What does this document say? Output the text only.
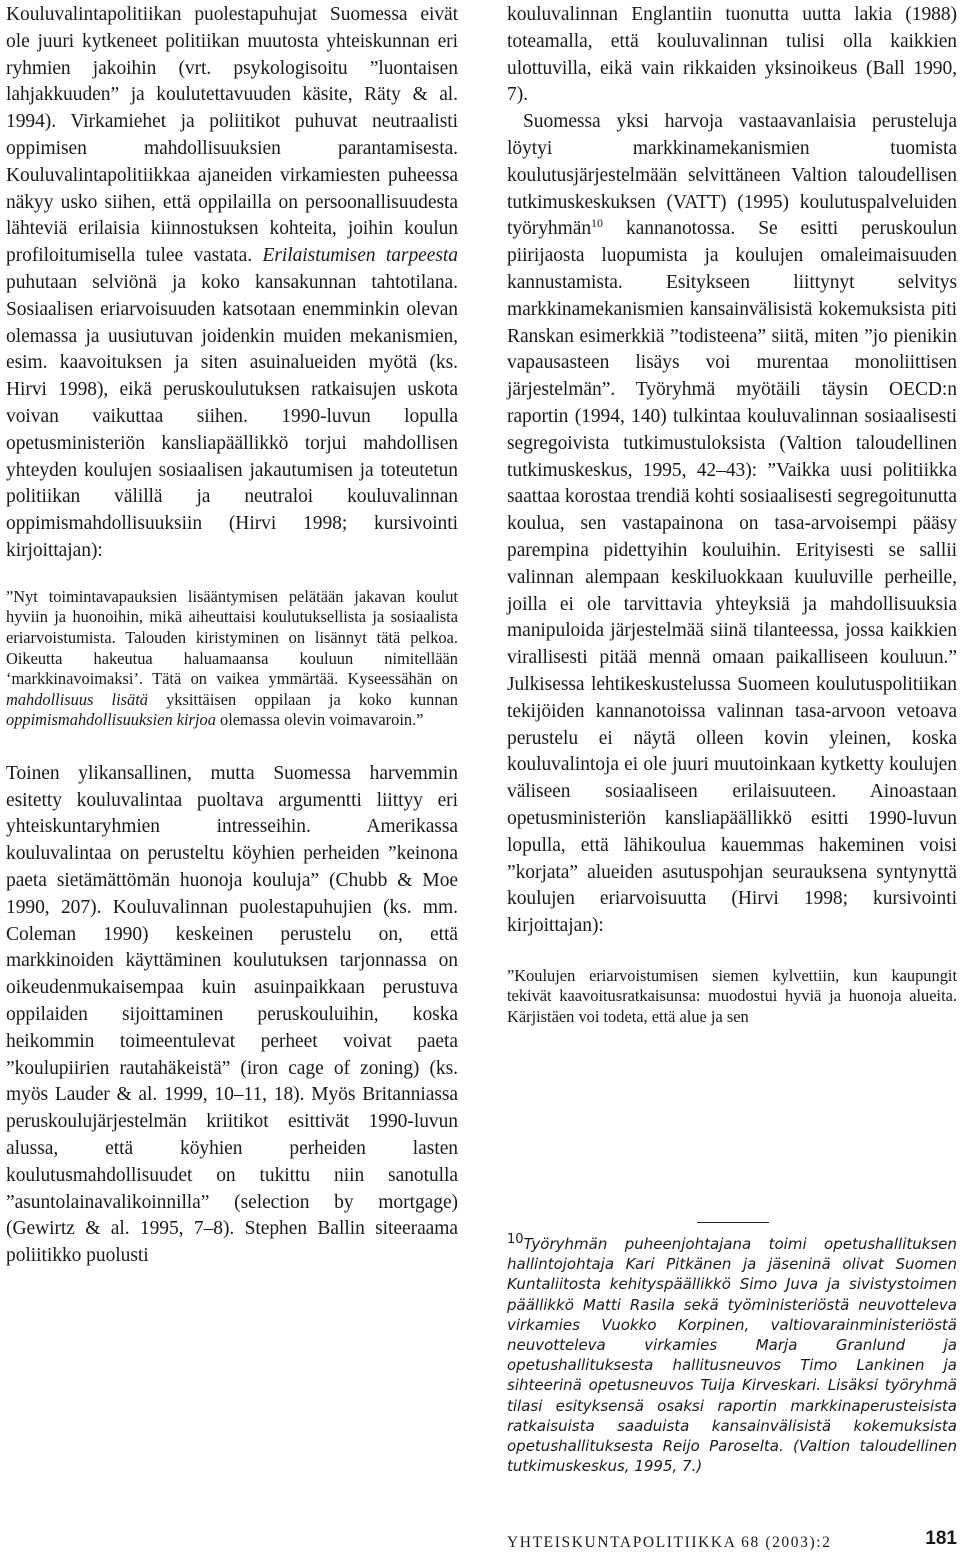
Kouluvalintapolitiikan puolestapuhujat Suomessa eivät ole juuri kytkeneet politiikan muutosta yhteiskunnan eri ryhmien jakoihin (vrt. psykologisoitu ”luontaisen lahjakkuuden” ja koulutettavuuden käsite, Räty & al. 1994). Virkamiehet ja poliitikot puhuvat neutraalisti oppimisen mahdollisuuksien parantamisesta. Kouluvalintapolitiikkaa ajaneiden virkamiesten puheessa näkyy usko siihen, että oppilailla on persoonallisuudesta lähteviä erilaisia kiinnostuksen kohteita, joihin koulun profiloitumisella tulee vastata. Erilaistumisen tarpeesta puhutaan selviönä ja koko kansakunnan tahtotilana. Sosiaalisen eriarvoisuuden katsotaan enemminkin olevan olemassa ja uusiutuvan joidenkin muiden mekanismien, esim. kaavoituksen ja siten asuinalueiden myötä (ks. Hirvi 1998), eikä peruskoulutuksen ratkaisujen uskota voivan vaikuttaa siihen. 1990-luvun lopulla opetusministeriön kansliapäällikkö torjui mahdollisen yhteyden koulujen sosiaalisen jakautumisen ja toteutetun politiikan välillä ja neutraloi kouluvalinnan oppimismahdollisuuksiin (Hirvi 1998; kursivointi kirjoittajan):

”Nyt toimintavapauksien lisääntymisen pelätään jakavan koulut hyviin ja huonoihin, mikä aiheuttaisi koulutuksellista ja sosiaalista eriarvoistumista. Talouden kiristyminen on lisännyt tätä pelkoa. Oikeutta hakeutua haluamaansa kouluun nimitellään ‘markkinavoimaksi’. Tätä on vaikea ymmärtää. Kyseessähän on mahdollisuus lisätä yksittäisen oppilaan ja koko kunnan oppimismahdollisuuksien kirjoa olemassa olevin voimavaroin.”

Toinen ylikansallinen, mutta Suomessa harvemmin esitetty kouluvalintaa puoltava argumentti liittyy eri yhteiskuntaryhmien intresseihin. Amerikassa kouluvalintaa on perusteltu köyhien perheiden ”keinona paeta sietämättömän huonoja kouluja” (Chubb & Moe 1990, 207). Kouluvalinnan puolestapuhujien (ks. mm. Coleman 1990) keskeinen perustelu on, että markkinoiden käyttäminen koulutuksen tarjonnassa on oikeudenmukaisempaa kuin asuinpaikkaan perustuva oppilaiden sijoittaminen peruskouluihin, koska heikommin toimeentulevat perheet voivat paeta ”koulupiirien rautahäkeistä” (iron cage of zoning) (ks. myös Lauder & al. 1999, 10–11, 18). Myös Britanniassa peruskoulujärjestelmän kriitikot esittivät 1990-luvun alussa, että köyhien perheiden lasten koulutusmahdollisuudet on tukittu niin sanotulla ”asuntolainavalikoinnilla” (selection by mortgage) (Gewirtz & al. 1995, 7–8). Stephen Ballin siteeraama poliitikko puolusti

kouluvalinnan Englantiin tuonutta uutta lakia (1988) toteamalla, että kouluvalinnan tulisi olla kaikkien ulottuvilla, eikä vain rikkaiden yksinoikeus (Ball 1990, 7).

Suomessa yksi harvoja vastaavanlaisia perusteluja löytyi markkinamekanismien tuomista koulutusjärjestelmään selvittäneen Valtion taloudellisen tutkimuskeskuksen (VATT) (1995) koulutuspalveluiden työryhmän$^{10}$ kannanotossa. Se esitti peruskoulun piirijaosta luopumista ja koulujen omaleimaisuuden kannustamista. Esitykseen liittynyt selvitys markkinamekanismien kansainvälisistä kokemuksista piti Ranskan esimerkkiä ”todisteena” siitä, miten ”jo pienikin vapausasteen lisäys voi murentaa monoliittisen järjestelmän”. Työryhmä myötäili täysin OECD:n raportin (1994, 140) tulkintaa kouluvalinnan sosiaalisesti segregoivista tutkimustuloksista (Valtion taloudellinen tutkimuskeskus, 1995, 42–43): ”Vaikka uusi politiikka saattaa korostaa trendiä kohti sosiaalisesti segregoitunutta koulua, sen vastapainona on tasa-arvoisempi pääsy parempina pidettyihin kouluihin. Erityisesti se sallii valinnan alempaan keskiluokkaan kuuluville perheille, joilla ei ole tarvittavia yhteyksiä ja mahdollisuuksia manipuloida järjestelmää siinä tilanteessa, jossa kaikkien virallisesti pitää mennä omaan paikalliseen kouluun.” Julkisessa lehtikeskustelussa Suomeen koulutuspolitiikan tekijöiden kannanotoissa valinnan tasa-arvoon vetoava perustelu ei näytä olleen kovin yleinen, koska kouluvalintoja ei ole juuri muutoinkaan kytketty koulujen väliseen sosiaaliseen erilaisuuteen. Ainoastaan opetusministeriön kansliapäällikkö esitti 1990-luvun lopulla, että lähikoulua kauemmas hakeminen voisi ”korjata” alueiden asutuspohjan seurauksena syntynyttä koulujen eriarvoisuutta (Hirvi 1998; kursivointi kirjoittajan):

”Koulujen eriarvoistumisen siemen kylvettiin, kun kaupungit tekivät kaavoitusratkaisunsa: muodostui hyviä ja huonoja alueita. Kärjistäen voi todeta, että alue ja sen

10Työryhmän puheenjohtajana toimi opetushallituksen hallintojohtaja Kari Pitkänen ja jäseninä olivat Suomen Kuntaliitosta kehityspäällikkö Simo Juva ja sivistystoimen päällikkö Matti Rasila sekä työministeriöstä neuvotteleva virkamies Vuokko Korpinen, valtiovarainministeriöstä neuvotteleva virkamies Marja Granlund ja opetushallituksesta hallitusneuvos Timo Lankinen ja sihteerinä opetusneuvos Tuija Kirveskari. Lisäksi työryhmä tilasi esityksensä osaksi raportin markkinaperusteisista ratkaisuista saaduista kansainvälisistä kokemuksista opetushallituksesta Reijo Paroselta. (Valtion taloudellinen tutkimuskeskus, 1995, 7.)

YHTEISKUNTAPOLITIIKKA 68 (2003):2	181
